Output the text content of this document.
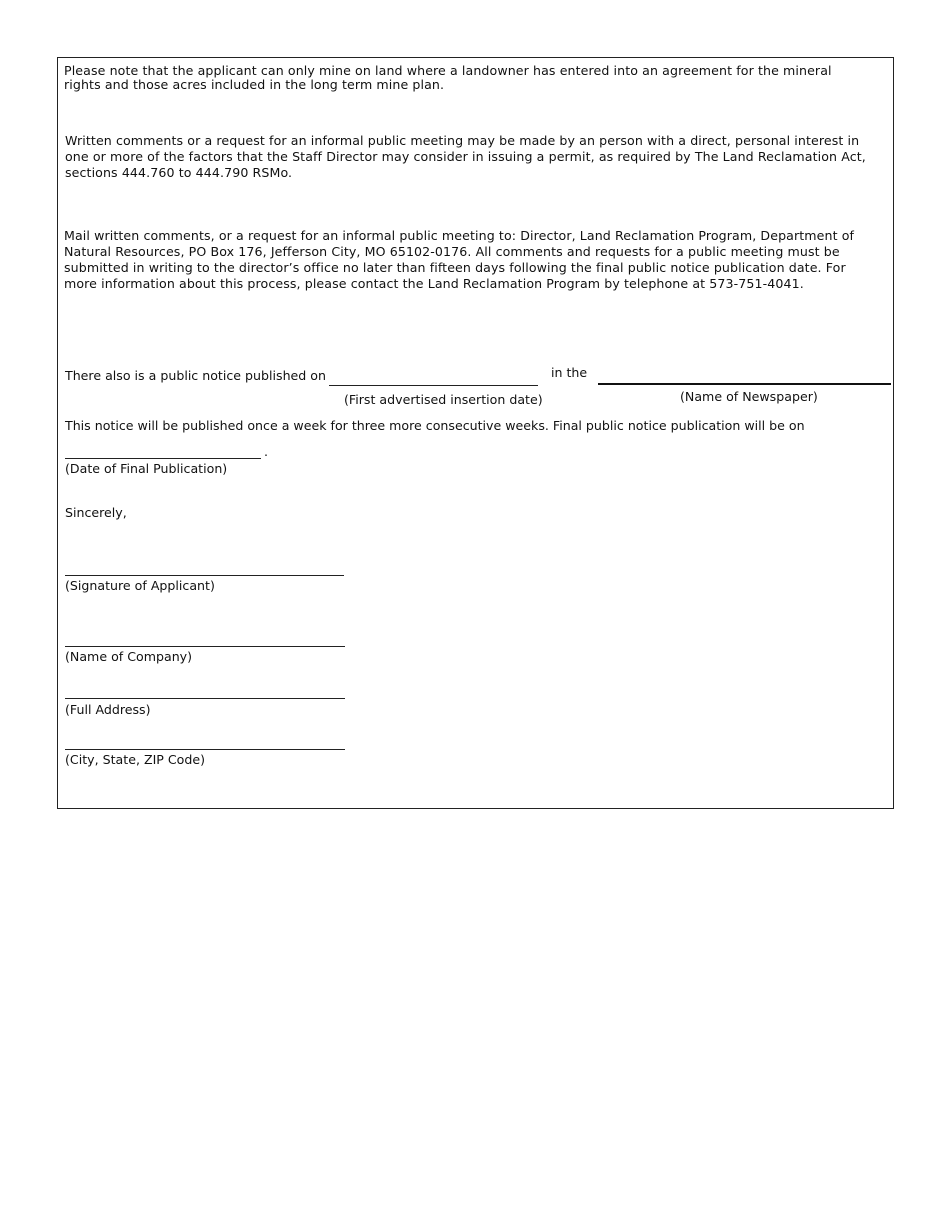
Please note that the applicant can only mine on land where a landowner has entered into an agreement for the mineral rights and those acres included in the long term mine plan.

Written comments or a request for an informal public meeting may be made by an person with a direct, personal interest in one or more of the factors that the Staff Director may consider in issuing a permit, as required by The Land Reclamation Act, sections 444.760 to 444.790 RSMo.

Mail written comments, or a request for an informal public meeting to: Director, Land Reclamation Program, Department of Natural Resources, PO Box 176, Jefferson City, MO 65102-0176. All comments and requests for a public meeting must be submitted in writing to the director’s office no later than fifteen days following the final public notice publication date. For more information about this process, please contact the Land Reclamation Program by telephone at 573-751-4041.

There also is a public notice published on	in the
(First advertised insertion date)	(Name of Newspaper)
This notice will be published once a week for three more consecutive weeks. Final public notice publication will be on
.
(Date of Final Publication)
Sincerely,
(Signature of Applicant)
(Name of Company)
(Full Address)
(City, State, ZIP Code)
